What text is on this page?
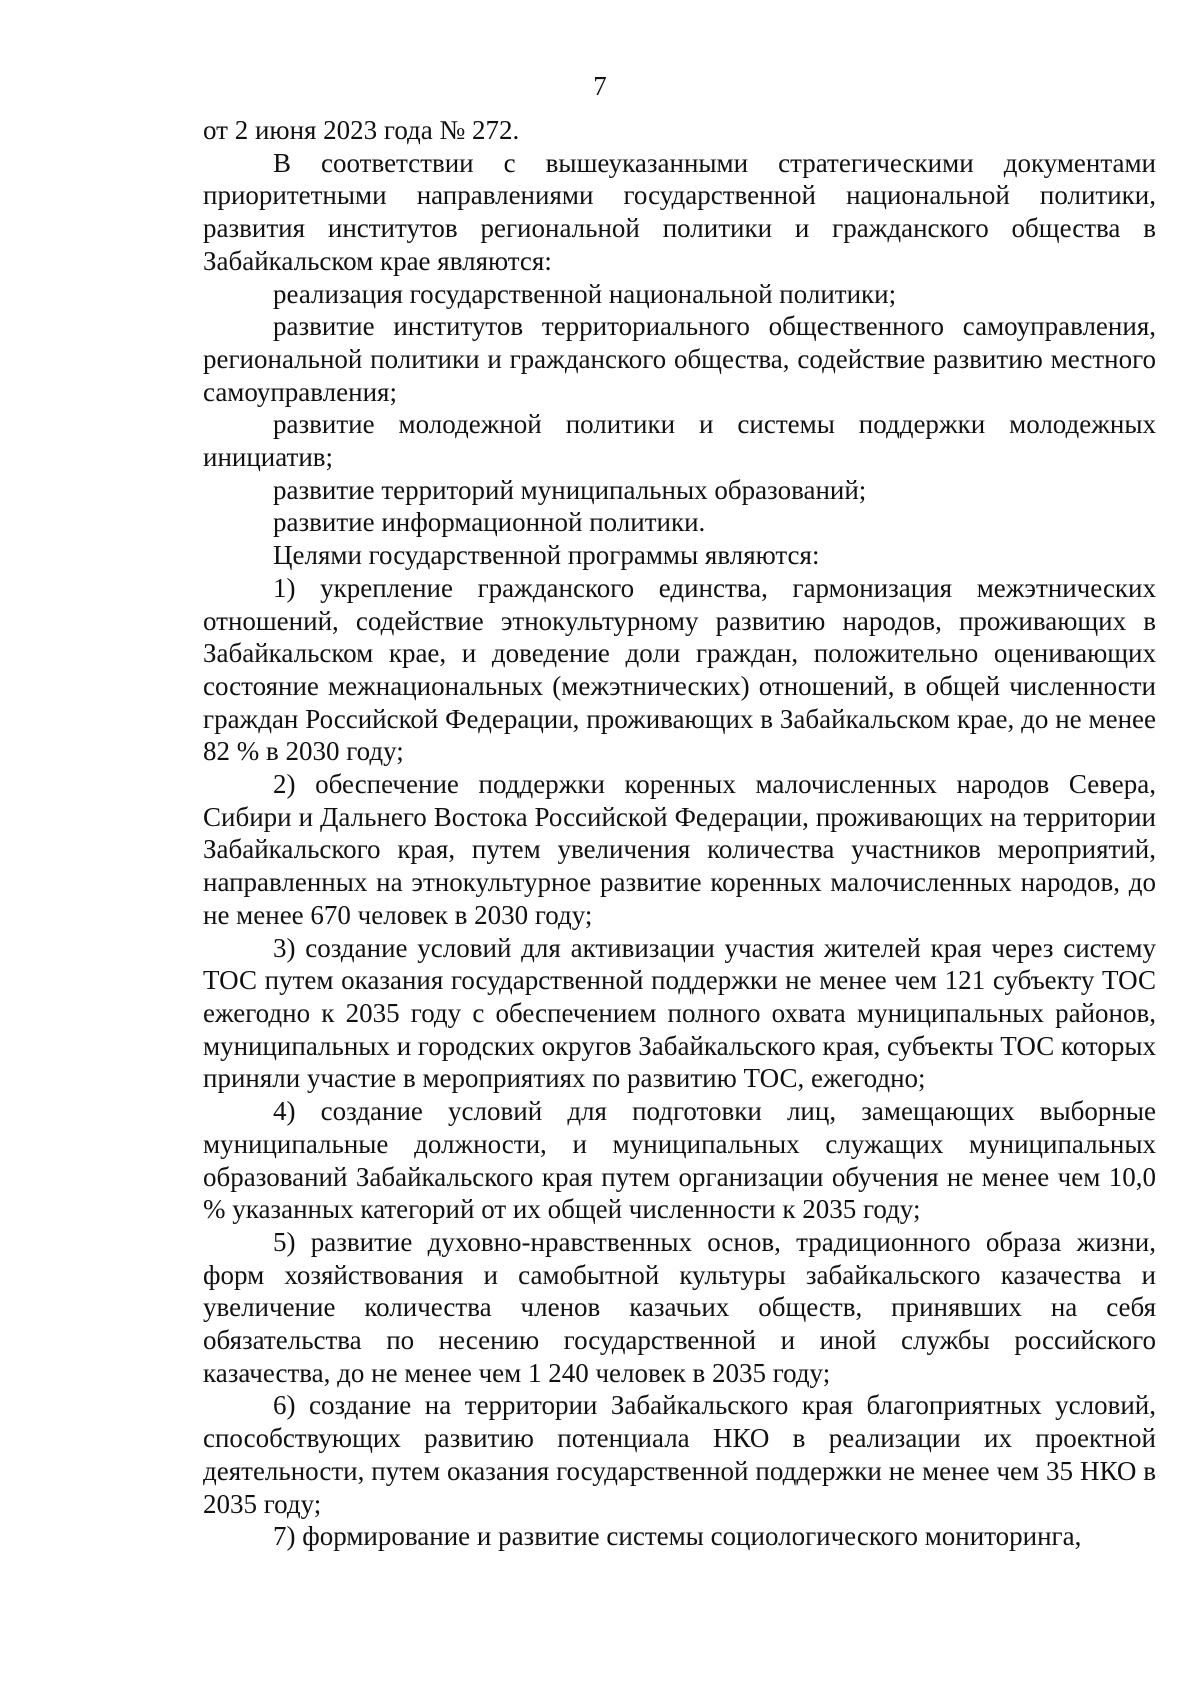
7

от 2 июня 2023 года № 272.

В соответствии с вышеуказанными стратегическими документами приоритетными направлениями государственной национальной политики, развития институтов региональной политики и гражданского общества в Забайкальском крае являются:

реализация государственной национальной политики;

развитие институтов территориального общественного самоуправления, региональной политики и гражданского общества, содействие развитию местного самоуправления;

развитие молодежной политики и системы поддержки молодежных инициатив;

развитие территорий муниципальных образований;

развитие информационной политики.

Целями государственной программы являются:

1) укрепление гражданского единства, гармонизация межэтнических отношений, содействие этнокультурному развитию народов, проживающих в Забайкальском крае, и доведение доли граждан, положительно оценивающих состояние межнациональных (межэтнических) отношений, в общей численности граждан Российской Федерации, проживающих в Забайкальском крае, до не менее 82 % в 2030 году;

2) обеспечение поддержки коренных малочисленных народов Севера, Сибири и Дальнего Востока Российской Федерации, проживающих на территории Забайкальского края, путем увеличения количества участников мероприятий, направленных на этнокультурное развитие коренных малочисленных народов, до не менее 670 человек в 2030 году;

3) создание условий для активизации участия жителей края через систему ТОС путем оказания государственной поддержки не менее чем 121 субъекту ТОС ежегодно к 2035 году с обеспечением полного охвата муниципальных районов, муниципальных и городских округов Забайкальского края, субъекты ТОС которых приняли участие в мероприятиях по развитию ТОС, ежегодно;

4) создание условий для подготовки лиц, замещающих выборные муниципальные должности, и муниципальных служащих муниципальных образований Забайкальского края путем организации обучения не менее чем 10,0 % указанных категорий от их общей численности к 2035 году;

5) развитие духовно-нравственных основ, традиционного образа жизни, форм хозяйствования и самобытной культуры забайкальского казачества и увеличение количества членов казачьих обществ, принявших на себя обязательства по несению государственной и иной службы российского казачества, до не менее чем 1 240 человек в 2035 году;

6) создание на территории Забайкальского края благоприятных условий, способствующих развитию потенциала НКО в реализации их проектной деятельности, путем оказания государственной поддержки не менее чем 35 НКО в 2035 году;

7) формирование и развитие системы социологического мониторинга,
